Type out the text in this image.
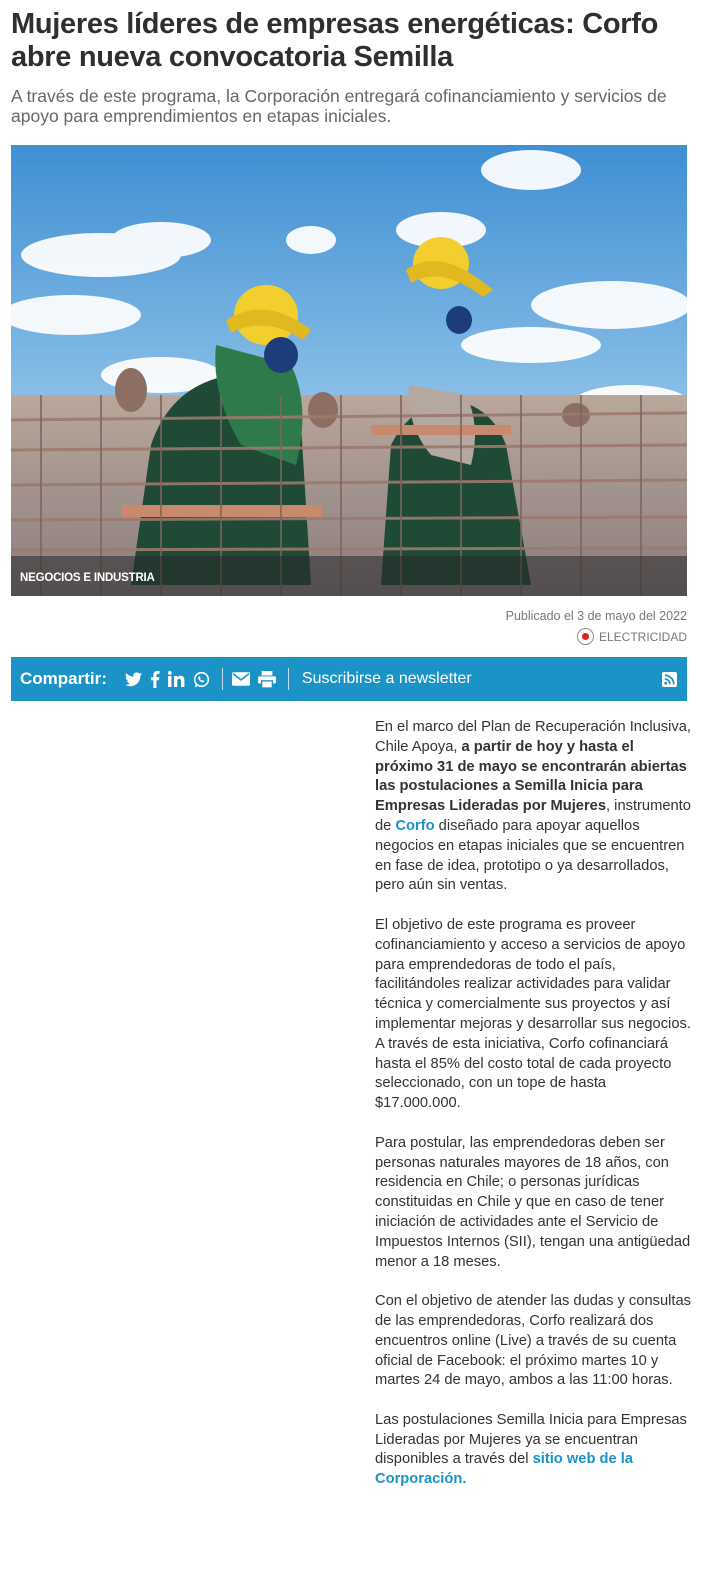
Mujeres líderes de empresas energéticas: Corfo abre nueva convocatoria Semilla

A través de este programa, la Corporación entregará cofinanciamiento y servicios de apoyo para emprendimientos en etapas iniciales.

NEGOCIOS E INDUSTRIA
Publicado el 3 de mayo del 2022
ELECTRICIDAD
Compartir:	Suscribirse a newsletter

En el marco del Plan de Recuperación Inclusiva, Chile Apoya, a partir de hoy y hasta el próximo 31 de mayo se encontrarán abiertas las postulaciones a Semilla Inicia para Empresas Lideradas por Mujeres, instrumento de Corfo diseñado para apoyar aquellos negocios en etapas iniciales que se encuentren en fase de idea, prototipo o ya desarrollados, pero aún sin ventas.

El objetivo de este programa es proveer cofinanciamiento y acceso a servicios de apoyo para emprendedoras de todo el país, facilitándoles realizar actividades para validar técnica y comercialmente sus proyectos y así implementar mejoras y desarrollar sus negocios. A través de esta iniciativa, Corfo cofinanciará hasta el 85% del costo total de cada proyecto seleccionado, con un tope de hasta $17.000.000.

Para postular, las emprendedoras deben ser personas naturales mayores de 18 años, con residencia en Chile; o personas jurídicas constituidas en Chile y que en caso de tener iniciación de actividades ante el Servicio de Impuestos Internos (SII), tengan una antigüedad menor a 18 meses.

Con el objetivo de atender las dudas y consultas de las emprendedoras, Corfo realizará dos encuentros online (Live) a través de su cuenta oficial de Facebook: el próximo martes 10 y martes 24 de mayo, ambos a las 11:00 horas.

Las postulaciones Semilla Inicia para Empresas Lideradas por Mujeres ya se encuentran disponibles a través del sitio web de la Corporación.
